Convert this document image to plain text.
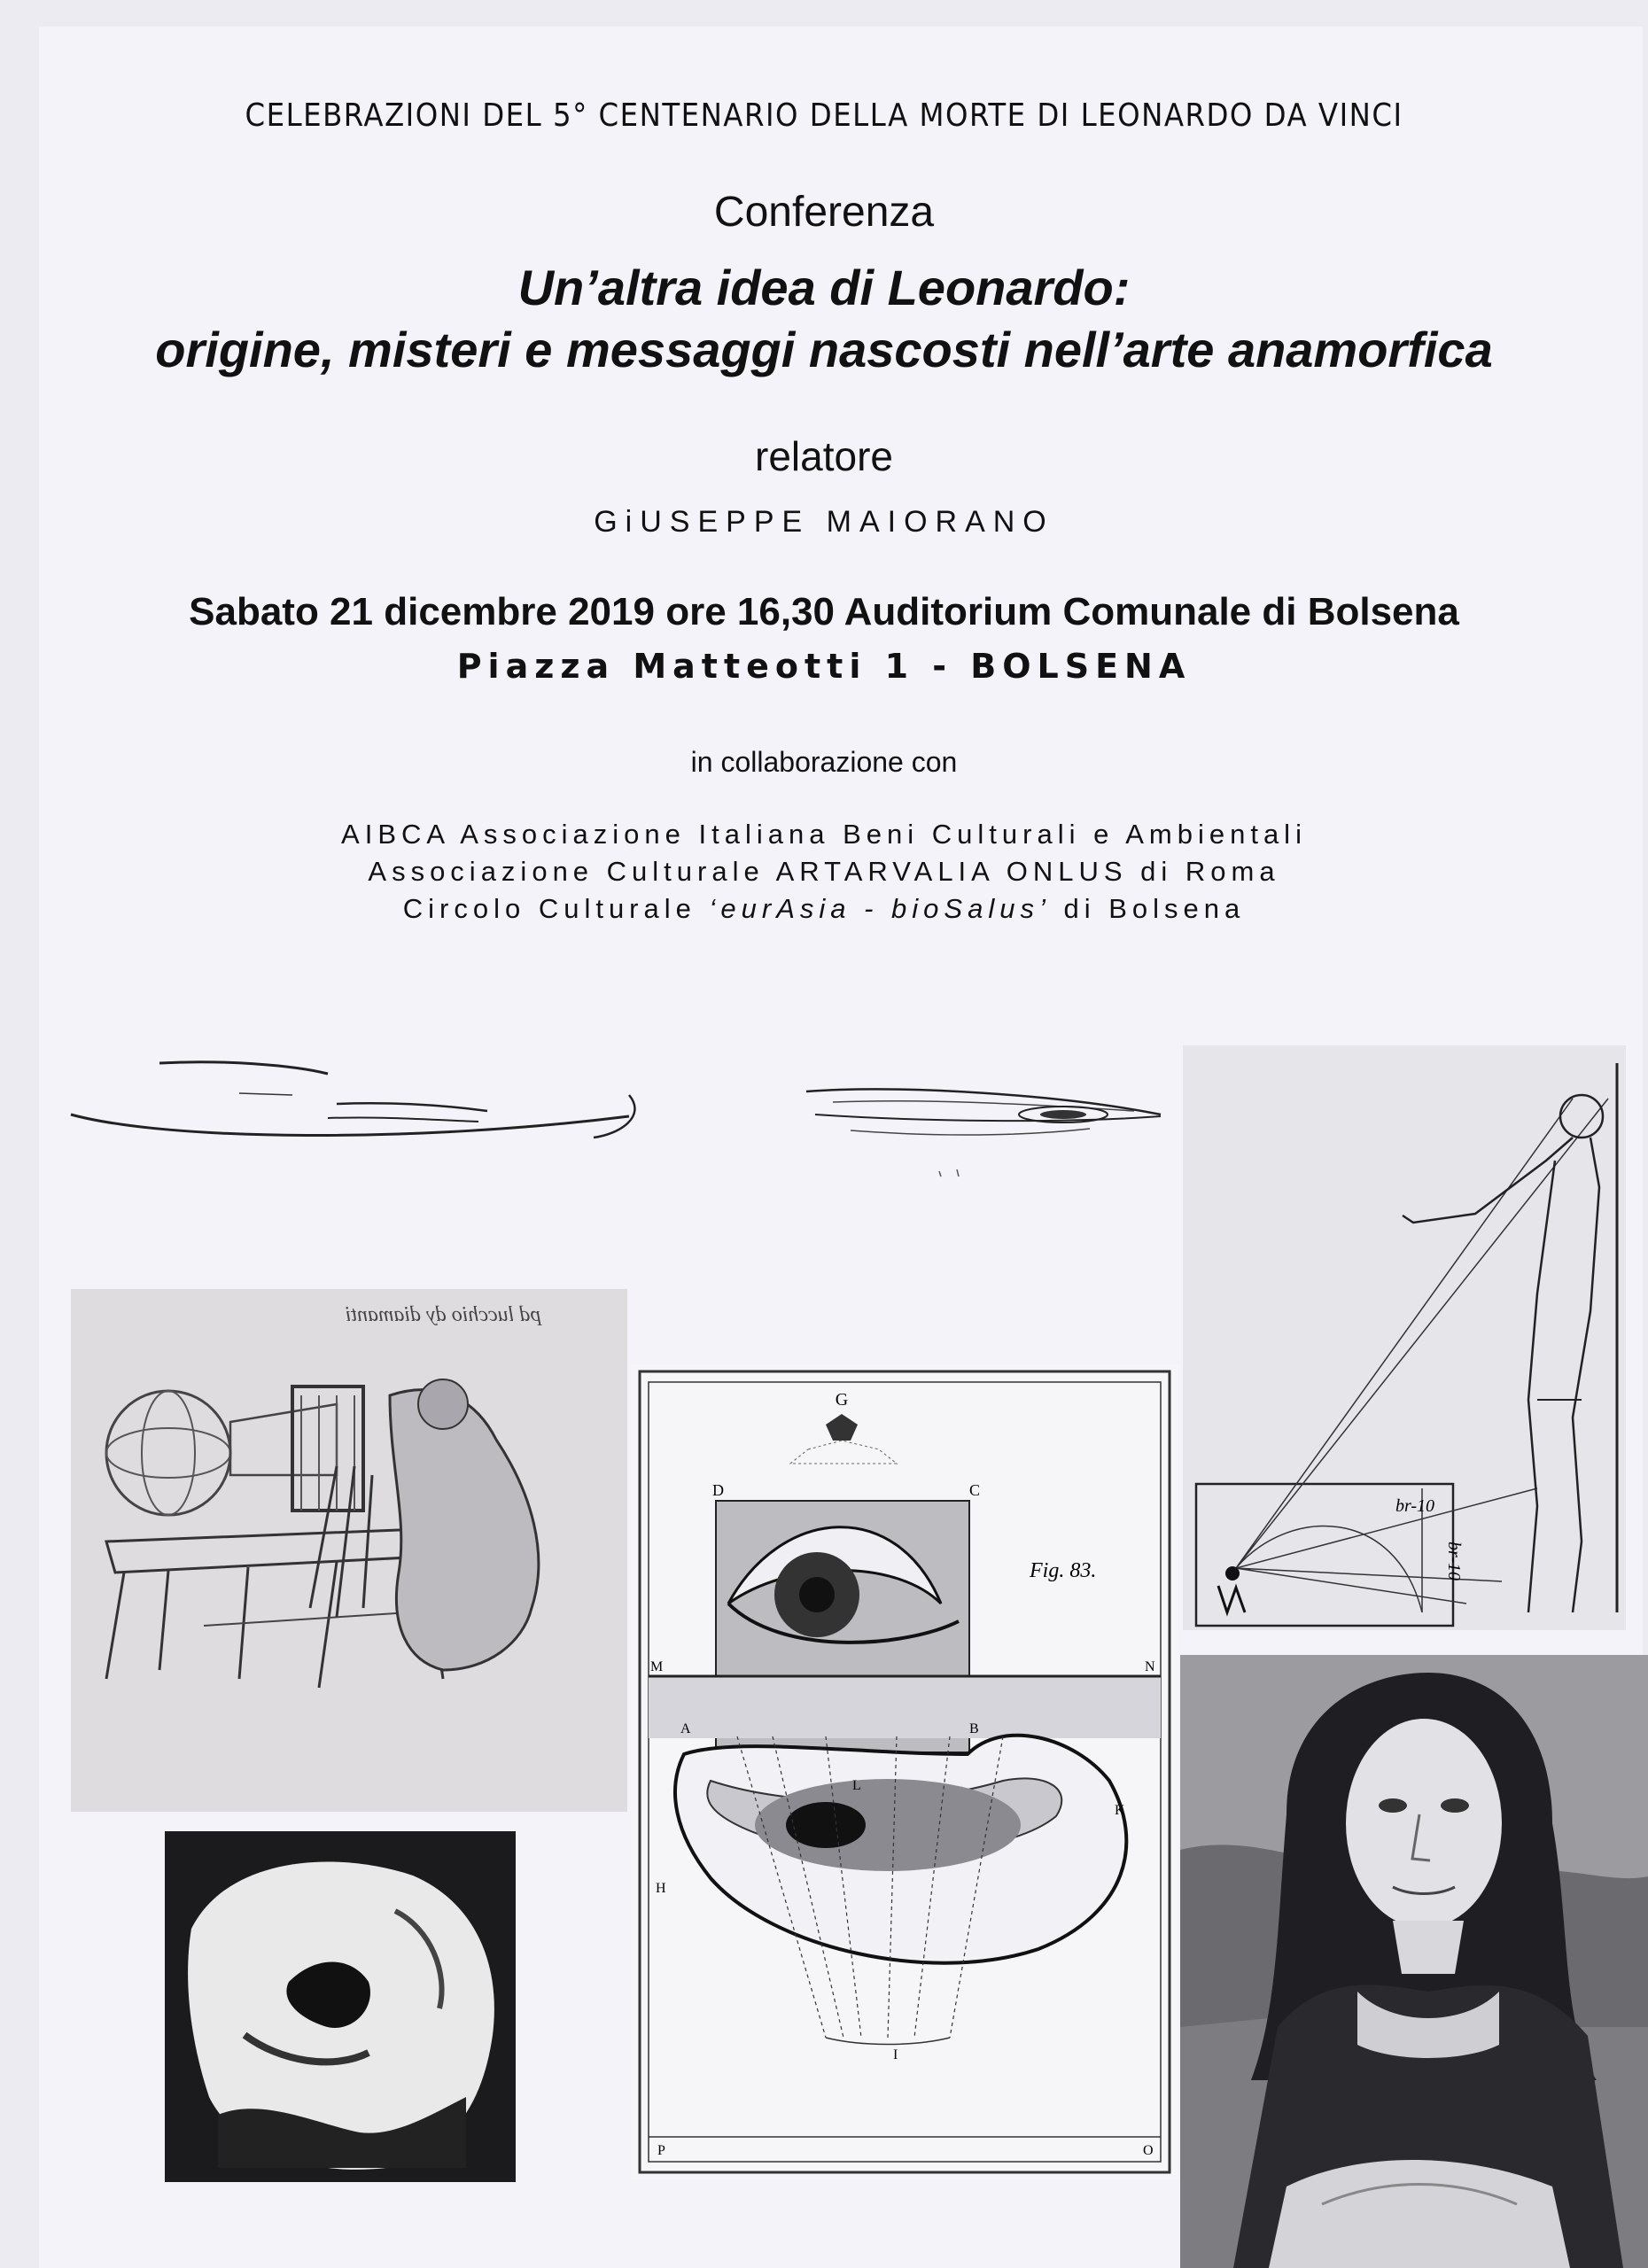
CELEBRAZIONI DEL 5° CENTENARIO DELLA MORTE DI LEONARDO DA VINCI
Conferenza
Un’altra idea di Leonardo:
origine, misteri e messaggi nascosti nell’arte anamorfica
relatore
GiUSEPPE MAIORANO
Sabato 21 dicembre 2019 ore 16,30 Auditorium Comunale di Bolsena
Piazza Matteotti 1 - BOLSENA
in collaborazione con
AIBCA Associazione Italiana Beni Culturali e Ambientali
Associazione Culturale ARTARVALIA ONLUS di Roma
Circolo Culturale ‘eurAsia - bioSalus’ di Bolsena
pd lucchio dy diamanti
G
D	C
Fig. 83.
M	N
A	B
L
K
H
I
P	O
br-10
br-10
